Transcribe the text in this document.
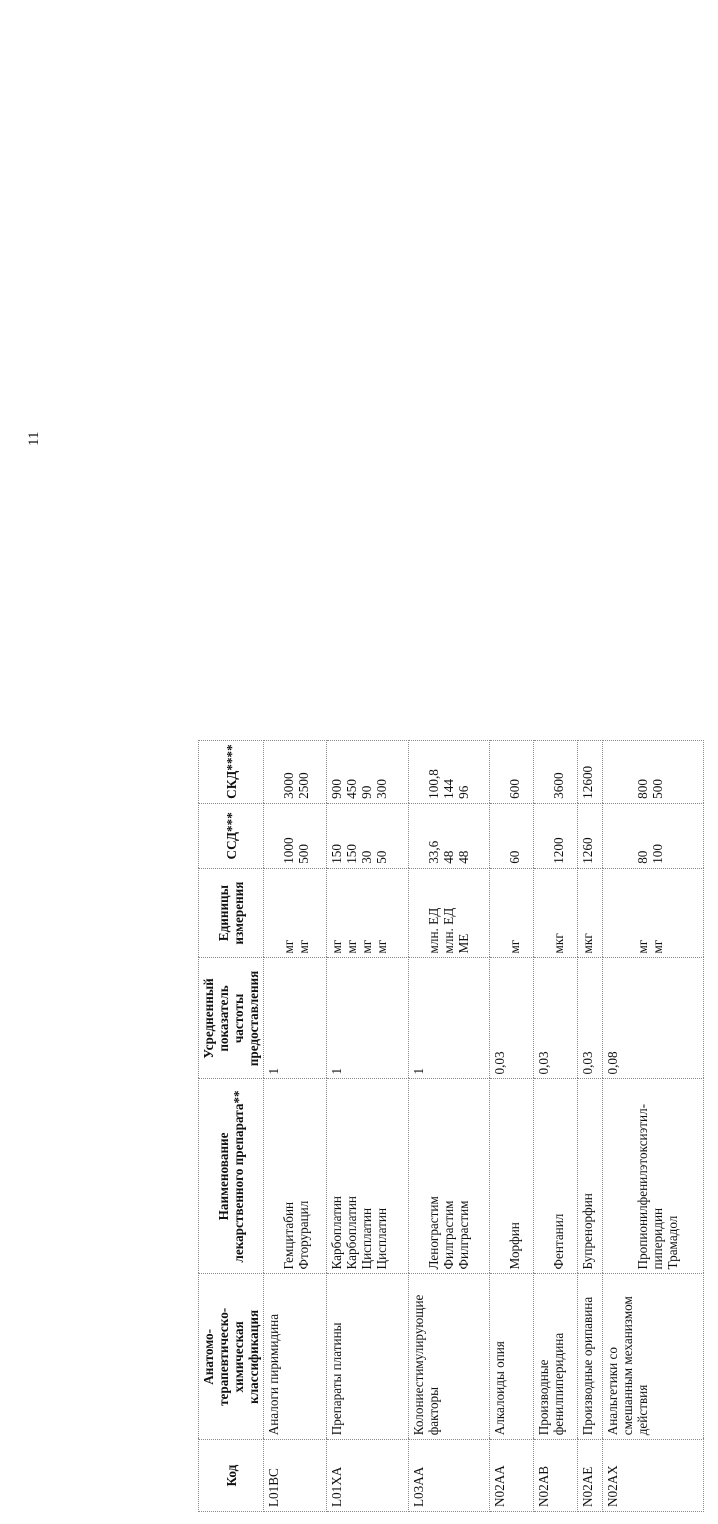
11
Код	Анатомо- терапевтическо- химическая классификация	Наименование лекарственного препарата**	Усредненный показатель частоты предоставления	Единицы измерения	ССД***	СКД****

L01BC	Аналоги пиримидина	Гемцитабин Фторурацил	1	мг мг	1000 500	3000 2500

L01XA	Препараты платины	Карбоплатин Карбоплатин Цисплатин Цисплатин	1	мг мг мг мг	150 150 30 50	900 450 90 300

L03AA	Колониестимулирующие факторы	Ленограстим Филграстим Филграстим	1	млн. ЕД млн. ЕД МЕ	33,6 48 48	100,8 144 96

N02AA	Алкалоиды опия	Морфин	0,03	мг	60	600

N02AB	Производные фенилпиперидина	Фентанил	0,03	мкг	1200	3600

N02AE	Производные орипавина	Бупренорфин	0,03	мкг	1260	12600

N02AX	Анальгетики со смешанным механизмом действия	Пропионилфенилэтоксиэтил-пиперидин Трамадол	0,08	мг мг	80 100	800 500
